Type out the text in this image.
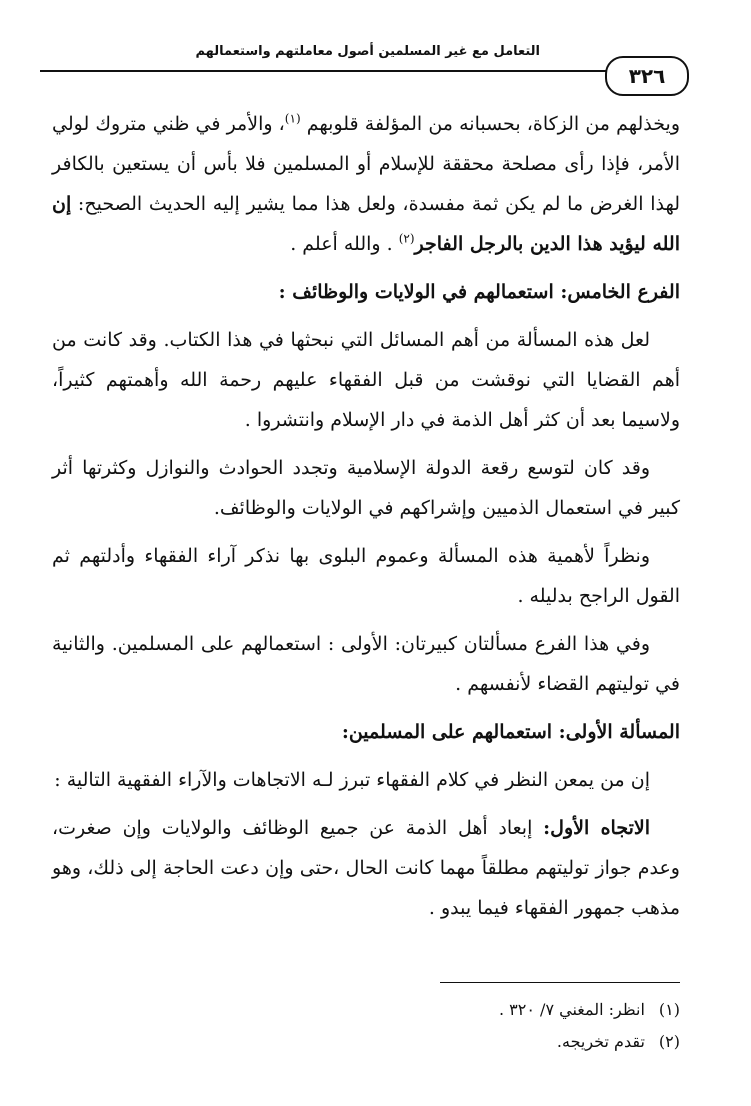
التعامل مع غير المسلمين أصول معاملتهم واستعمالهم
٣٢٦

ويخذلهم من الزكاة، بحسبانه من المؤلفة قلوبهم $^{(١)}$، والأمر في ظني متروك لولي الأمر، فإذا رأى مصلحة محققة للإسلام أو المسلمين فلا بأس أن يستعين بالكافر لهذا الغرض ما لم يكن ثمة مفسدة، ولعل هذا مما يشير إليه الحديث الصحيح: إن الله ليؤيد هذا الدين بالرجل الفاجر$^{(٢)}$ . والله أعلم .

الفرع الخامس: استعمالهم في الولايات والوظائف :

لعل هذه المسألة من أهم المسائل التي نبحثها في هذا الكتاب. وقد كانت من أهم القضايا التي نوقشت من قبل الفقهاء عليهم رحمة الله وأهمتهم كثيراً، ولاسيما بعد أن كثر أهل الذمة في دار الإسلام وانتشروا .

وقد كان لتوسع رقعة الدولة الإسلامية وتجدد الحوادث والنوازل وكثرتها أثر كبير في استعمال الذميين وإشراكهم في الولايات والوظائف.

ونظراً لأهمية هذه المسألة وعموم البلوى بها نذكر آراء الفقهاء وأدلتهم ثم القول الراجح بدليله .

وفي هذا الفرع مسألتان كبيرتان: الأولى : استعمالهم على المسلمين. والثانية في توليتهم القضاء لأنفسهم .

المسألة الأولى: استعمالهم على المسلمين:

إن من يمعن النظر في كلام الفقهاء تبرز لـه الاتجاهات والآراء الفقهية التالية :

الاتجاه الأول: إبعاد أهل الذمة عن جميع الوظائف والولايات وإن صغرت، وعدم جواز توليتهم مطلقاً مهما كانت الحال ،حتى وإن دعت الحاجة إلى ذلك، وهو مذهب جمهور الفقهاء فيما يبدو .

(١) انظر: المغني ٧/ ٣٢٠ .

(٢) تقدم تخريجه.
